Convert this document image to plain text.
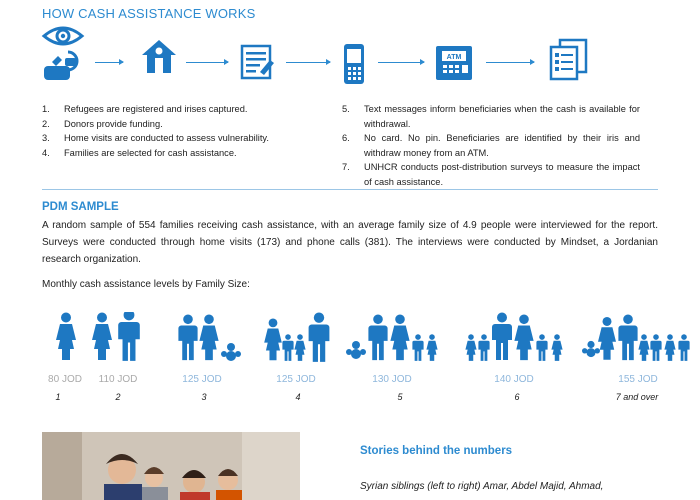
HOW CASH ASSISTANCE WORKS
ATM
1. Refugees are registered and irises captured.
2. Donors provide funding.
3. Home visits are conducted to assess vulnerability.
4. Families are selected for cash assistance.
5. Text messages inform beneficiaries when the cash is available for withdrawal.
6. No card. No pin. Beneficiaries are identified by their iris and withdraw money from an ATM.
7. UNHCR conducts post-distribution surveys to measure the impact of cash assistance.
PDM SAMPLE
A random sample of 554 families receiving cash assistance, with an average family size of 4.9 people were interviewed for the report. Surveys were conducted through home visits (173) and phone calls (381). The interviews were conducted by Mindset, a Jordanian research organization.
Monthly cash assistance levels by Family Size:
80 JOD	110 JOD	125 JOD	125 JOD	130 JOD	140 JOD	155 JOD
1	2	3	4	5	6	7 and over
Stories behind the numbers
Syrian siblings (left to right) Amar, Abdel Majid, Ahmad,
